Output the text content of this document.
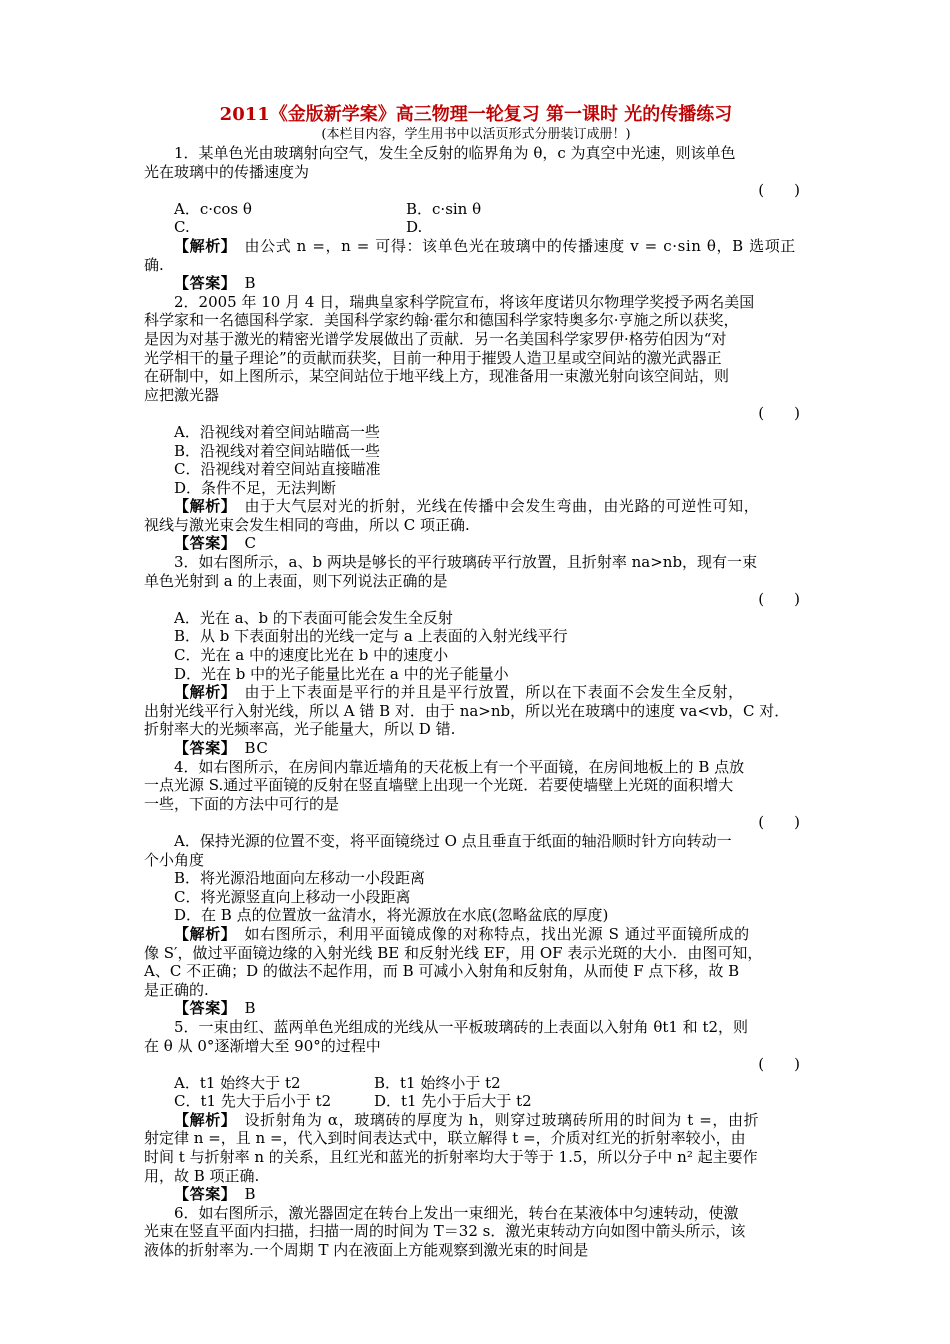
2011《金版新学案》高三物理一轮复习 第一课时 光的传播练习
(本栏目内容，学生用书中以活页形式分册装订成册！)

1．某单色光由玻璃射向空气，发生全反射的临界角为 θ，c 为真空中光速，则该单色

光在玻璃中的传播速度为

(　　)

A．c·cos θ	B．c·sin θ
C.	D.

【解析】　 由公式 n =，n = 可得：该单色光在玻璃中的传播速度 v = c·sin θ，B 选项正

确.

【答案】　 B

2．2005 年 10 月 4 日，瑞典皇家科学院宣布，将该年度诺贝尔物理学奖授予两名美国

科学家和一名德国科学家．美国科学家约翰·霍尔和德国科学家特奥多尔·亨施之所以获奖，

是因为对基于激光的精密光谱学发展做出了贡献．另一名美国科学家罗伊·格劳伯因为“对

光学相干的量子理论”的贡献而获奖，目前一种用于摧毁人造卫星或空间站的激光武器正

在研制中，如上图所示，某空间站位于地平线上方，现准备用一束激光射向该空间站，则

应把激光器

(　　)

A．沿视线对着空间站瞄高一些

B．沿视线对着空间站瞄低一些

C．沿视线对着空间站直接瞄准

D．条件不足，无法判断

【解析】　 由于大气层对光的折射，光线在传播中会发生弯曲，由光路的可逆性可知，

视线与激光束会发生相同的弯曲，所以 C 项正确.

【答案】　 C

3．如右图所示，a、b 两块是够长的平行玻璃砖平行放置，且折射率 na>nb，现有一束

单色光射到 a 的上表面，则下列说法正确的是

(　　)

A．光在 a、b 的下表面可能会发生全反射

B．从 b 下表面射出的光线一定与 a 上表面的入射光线平行

C．光在 a 中的速度比光在 b 中的速度小

D．光在 b 中的光子能量比光在 a 中的光子能量小

【解析】　 由于上下表面是平行的并且是平行放置，所以在下表面不会发生全反射，

出射光线平行入射光线，所以 A 错 B 对．由于 na>nb，所以光在玻璃中的速度 va<vb，C 对．

折射率大的光频率高，光子能量大，所以 D 错.

【答案】　 BC

4．如右图所示，在房间内靠近墙角的天花板上有一个平面镜，在房间地板上的 B 点放

一点光源 S.通过平面镜的反射在竖直墙壁上出现一个光斑．若要使墙壁上光斑的面积增大

一些，下面的方法中可行的是

(　　)

A．保持光源的位置不变，将平面镜绕过 O 点且垂直于纸面的轴沿顺时针方向转动一

个小角度

B．将光源沿地面向左移动一小段距离

C．将光源竖直向上移动一小段距离

D．在 B 点的位置放一盆清水，将光源放在水底(忽略盆底的厚度)

【解析】　 如右图所示，利用平面镜成像的对称特点，找出光源 S 通过平面镜所成的

像 S′，做过平面镜边缘的入射光线 BE 和反射光线 EF，用 OF 表示光斑的大小．由图可知，

A、C 不正确；D 的做法不起作用，而 B 可减小入射角和反射角，从而使 F 点下移，故 B

是正确的.

【答案】　 B

5．一束由红、蓝两单色光组成的光线从一平板玻璃砖的上表面以入射角 θt1 和 t2，则

在 θ 从 0°逐渐增大至 90°的过程中

(　　)

A．t1 始终大于 t2	B．t1 始终小于 t2
C．t1 先大于后小于 t2	D．t1 先小于后大于 t2

【解析】　 设折射角为 α，玻璃砖的厚度为 h，则穿过玻璃砖所用的时间为 t =，由折

射定律 n =，且 n =，代入到时间表达式中，联立解得 t =，介质对红光的折射率较小，由

时间 t 与折射率 n 的关系，且红光和蓝光的折射率均大于等于 1.5，所以分子中 n² 起主要作

用，故 B 项正确.

【答案】　 B

6．如右图所示，激光器固定在转台上发出一束细光，转台在某液体中匀速转动，使激

光束在竖直平面内扫描，扫描一周的时间为 T＝32 s．激光束转动方向如图中箭头所示，该

液体的折射率为.一个周期 T 内在液面上方能观察到激光束的时间是
